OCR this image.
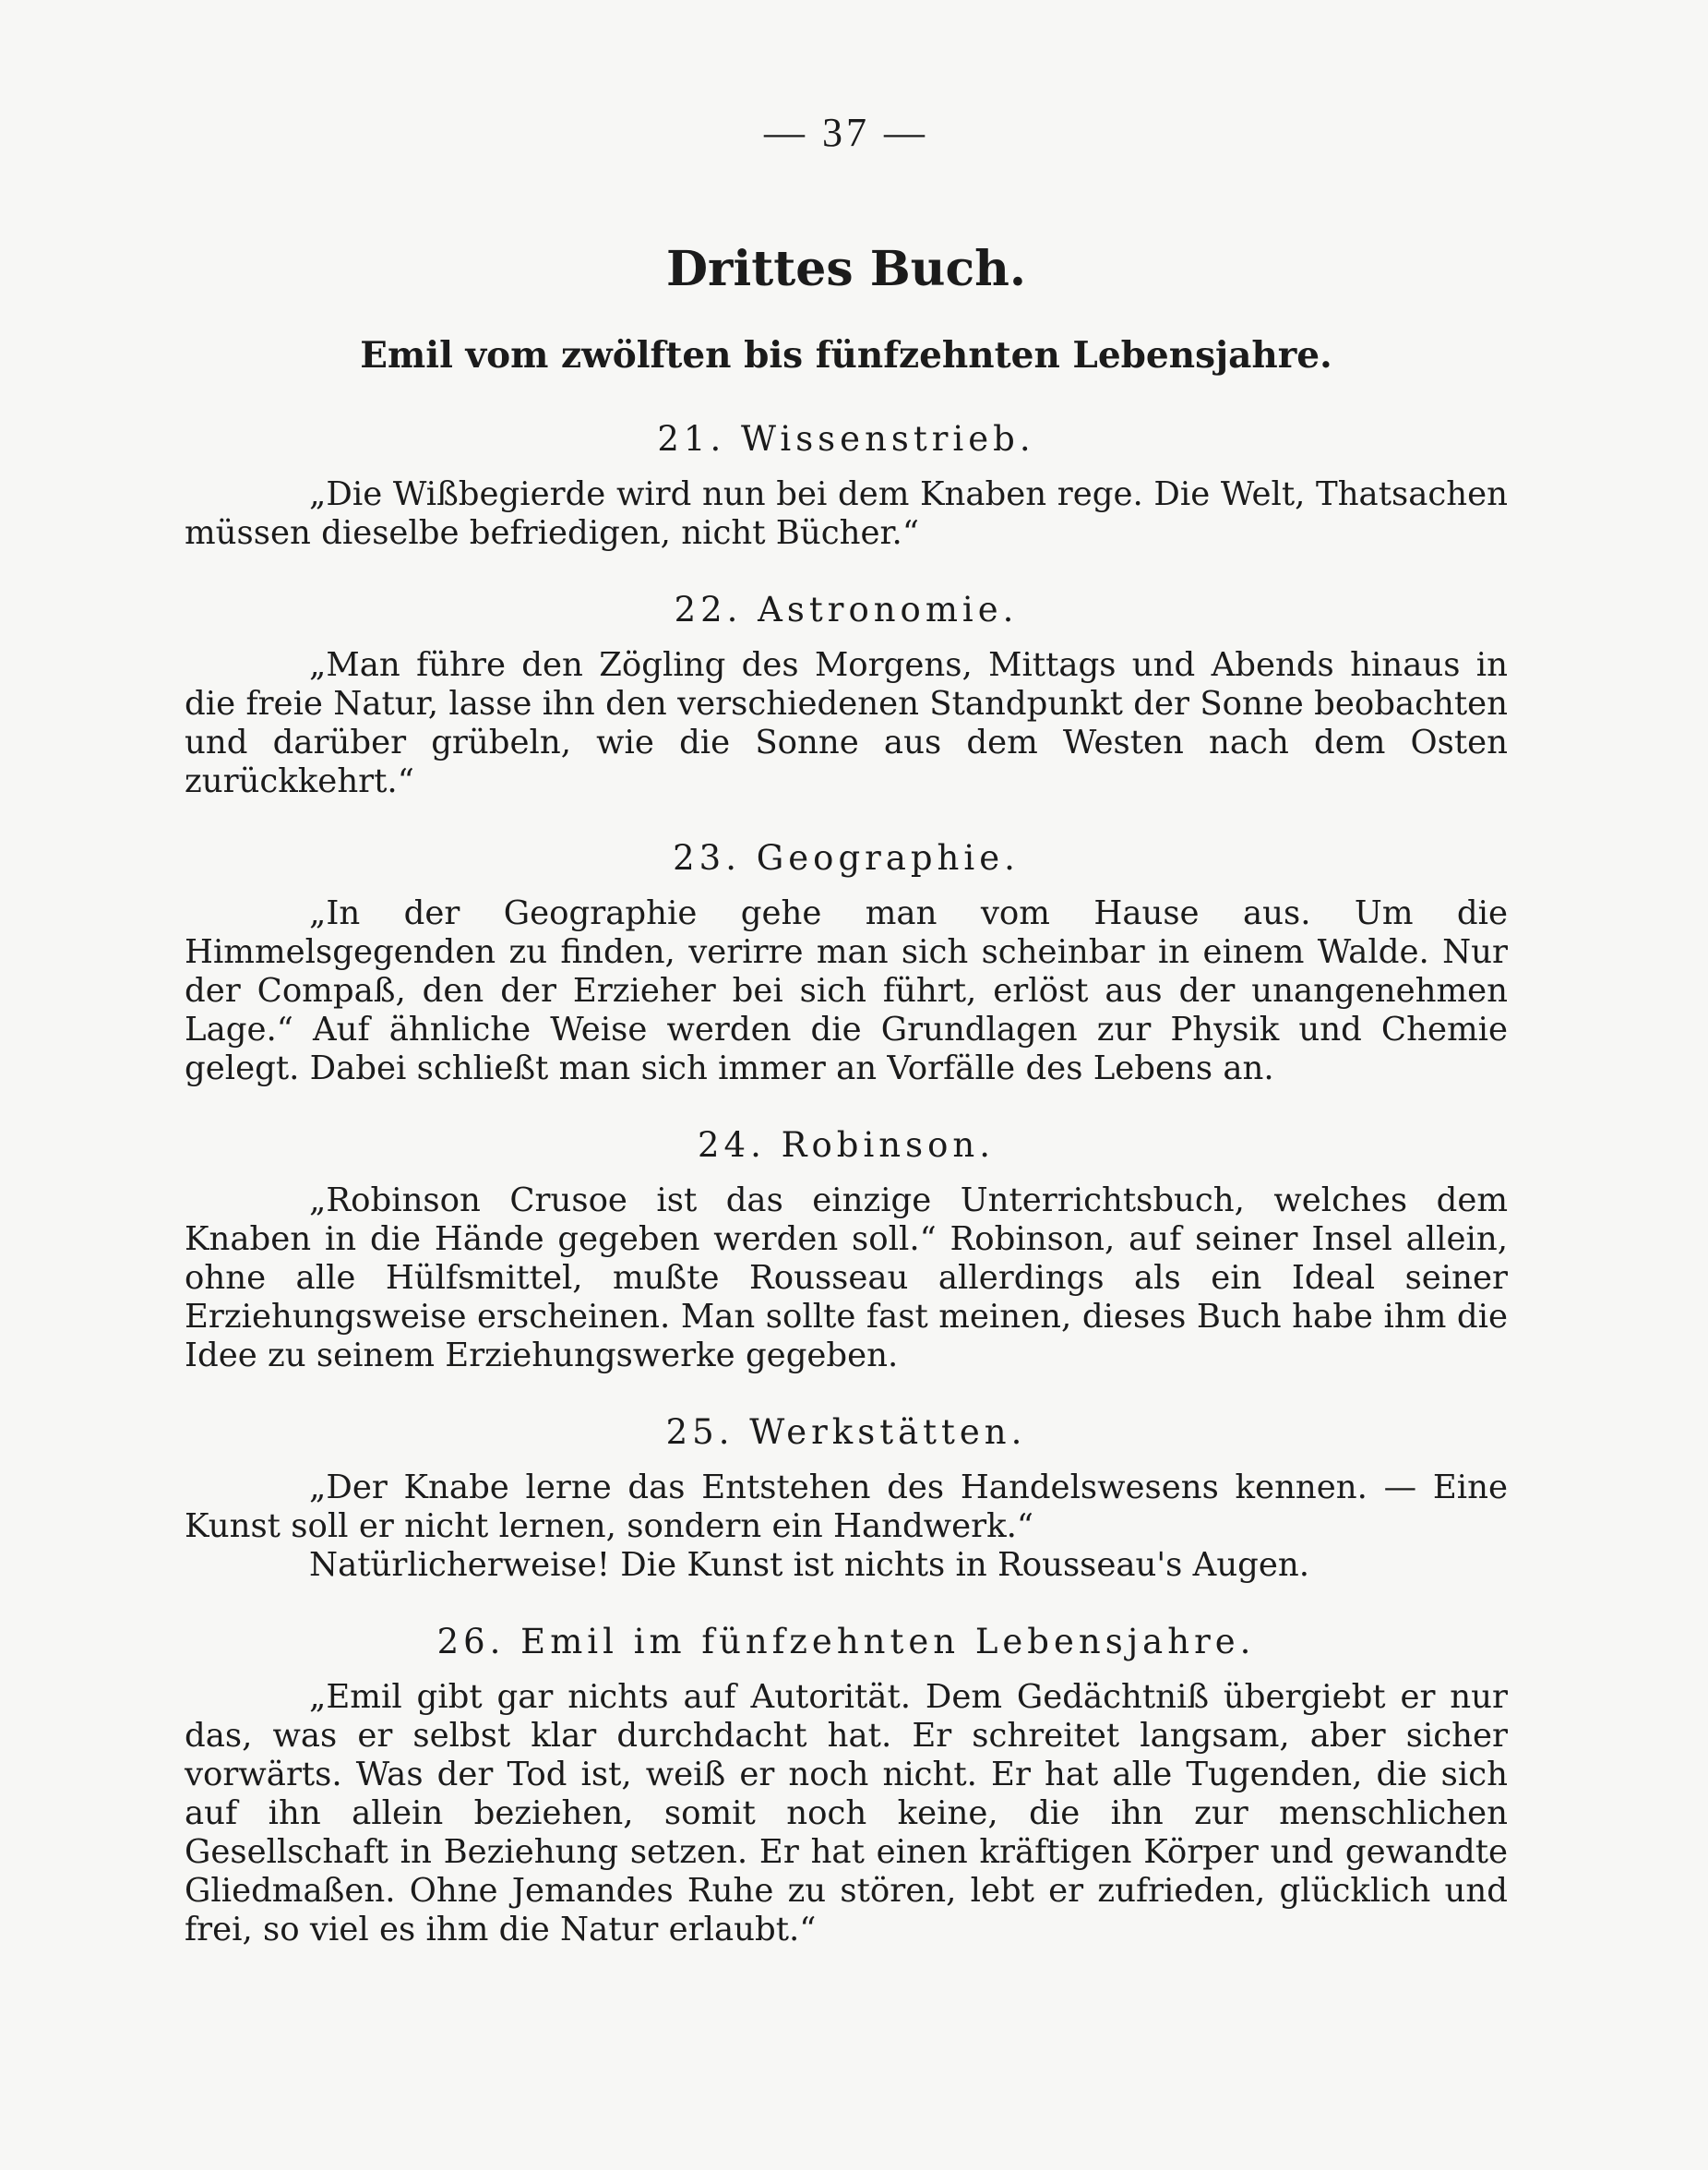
— 37 —
Drittes Buch.
Emil vom zwölften bis fünfzehnten Lebensjahre.
21. Wissenstrieb.

„Die Wißbegierde wird nun bei dem Knaben rege. Die Welt, Thatsachen müssen dieselbe befriedigen, nicht Bücher.“

22. Astronomie.

„Man führe den Zögling des Morgens, Mittags und Abends hinaus in die freie Natur, lasse ihn den verschiedenen Standpunkt der Sonne beobachten und darüber grübeln, wie die Sonne aus dem Westen nach dem Osten zurückkehrt.“

23. Geographie.

„In der Geographie gehe man vom Hause aus. Um die Himmelsgegenden zu finden, verirre man sich scheinbar in einem Walde. Nur der Compaß, den der Erzieher bei sich führt, erlöst aus der unangenehmen Lage.“ Auf ähnliche Weise werden die Grundlagen zur Physik und Chemie gelegt. Dabei schließt man sich immer an Vorfälle des Lebens an.

24. Robinson.

„Robinson Crusoe ist das einzige Unterrichtsbuch, welches dem Knaben in die Hände gegeben werden soll.“ Robinson, auf seiner Insel allein, ohne alle Hülfsmittel, mußte Rousseau allerdings als ein Ideal seiner Erziehungsweise erscheinen. Man sollte fast meinen, dieses Buch habe ihm die Idee zu seinem Erziehungswerke gegeben.

25. Werkstätten.

„Der Knabe lerne das Entstehen des Handelswesens kennen. — Eine Kunst soll er nicht lernen, sondern ein Handwerk.“

Natürlicherweise! Die Kunst ist nichts in Rousseau's Augen.

26. Emil im fünfzehnten Lebensjahre.

„Emil gibt gar nichts auf Autorität. Dem Gedächtniß übergiebt er nur das, was er selbst klar durchdacht hat. Er schreitet langsam, aber sicher vorwärts. Was der Tod ist, weiß er noch nicht. Er hat alle Tugenden, die sich auf ihn allein beziehen, somit noch keine, die ihn zur menschlichen Gesellschaft in Beziehung setzen. Er hat einen kräftigen Körper und gewandte Gliedmaßen. Ohne Jemandes Ruhe zu stören, lebt er zufrieden, glücklich und frei, so viel es ihm die Natur erlaubt.“
